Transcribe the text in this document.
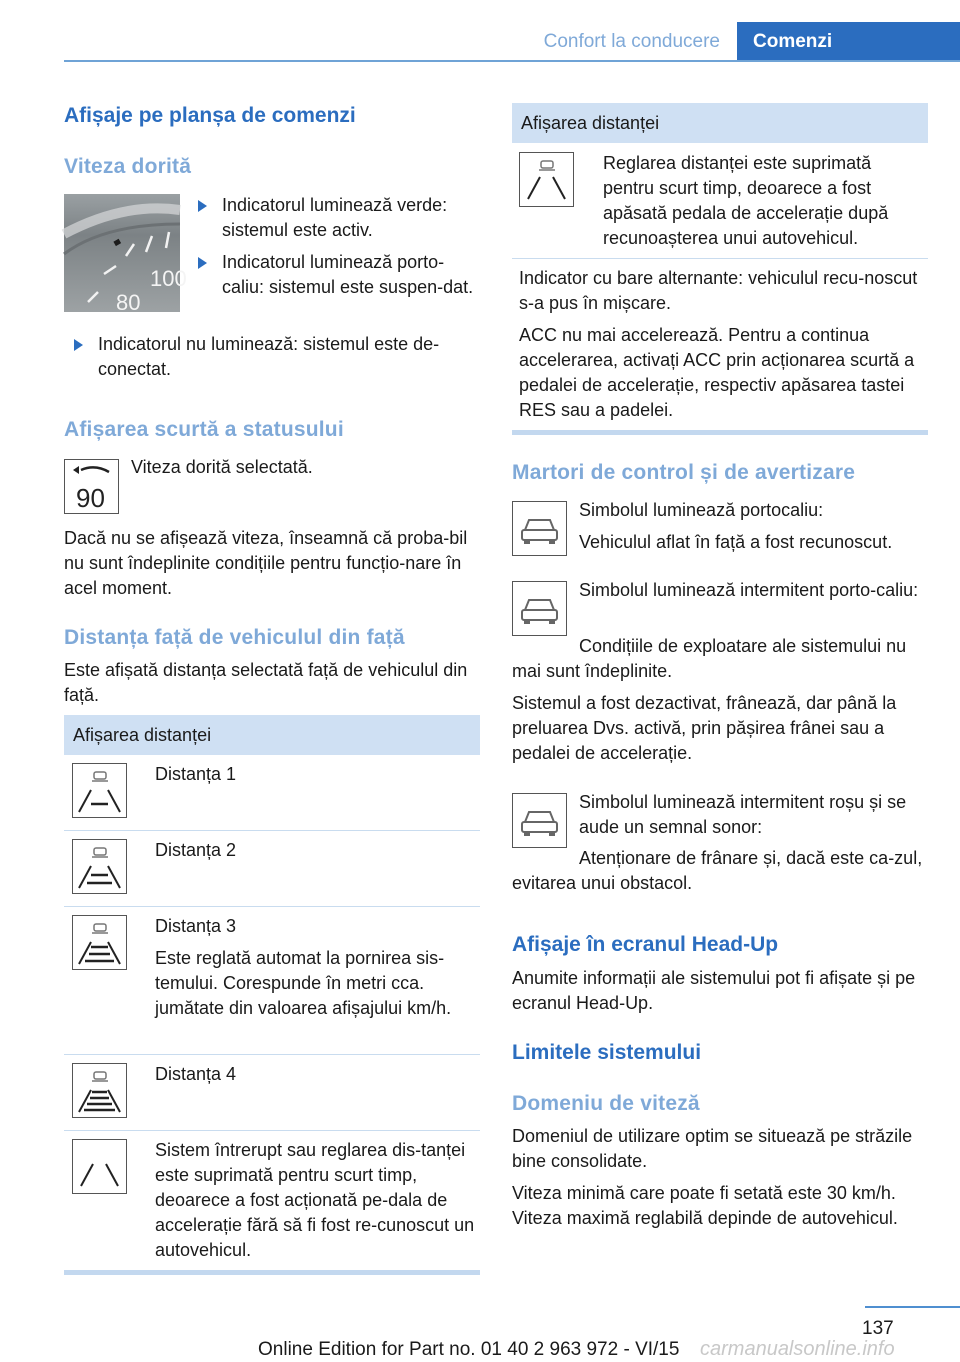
Confort la conducere	Comenzi
Afișaje pe planșa de comenzi
Viteza dorită
100
80
Indicatorul luminează verde: sistemul este activ.
Indicatorul luminează porto-caliu: sistemul este suspen-dat.
Indicatorul nu luminează: sistemul este de-conectat.
Afișarea scurtă a statusului
90
Viteza dorită selectată.
Dacă nu se afișează viteza, înseamnă că proba-bil nu sunt îndeplinite condițiile pentru funcțio-nare în acel moment.
Distanța față de vehiculul din față
Este afișată distanța selectată față de vehiculul din față.
Afișarea distanței
Distanța 1
Distanța 2
Distanța 3
Este reglată automat la pornirea sis-temului. Corespunde în metri cca. jumătate din valoarea afișajului km/h.
Distanța 4
Sistem întrerupt sau reglarea dis-tanței este suprimată pentru scurt timp, deoarece a fost acționată pe-dala de accelerație fără să fi fost re-cunoscut un autovehicul.
Afișarea distanței
Reglarea distanței este suprimată pentru scurt timp, deoarece a fost apăsată pedala de accelerație după recunoașterea unui autovehicul.
Indicator cu bare alternante: vehiculul recu-noscut s-a pus în mișcare.
ACC nu mai accelerează. Pentru a continua accelerarea, activați ACC prin acționarea scurtă a pedalei de accelerație, respectiv apăsarea tastei RES sau a padelei.
Martori de control și de avertizare
Simbolul luminează portocaliu:
Vehiculul aflat în față a fost recunoscut.
Simbolul luminează intermitent porto-caliu:
Condițiile de exploatare ale sistemului nu mai sunt îndeplinite.
Sistemul a fost dezactivat, frânează, dar până la preluarea Dvs. activă, prin pășirea frânei sau a pedalei de accelerație.
Simbolul luminează intermitent roșu și se aude un semnal sonor:
Atenționare de frânare și, dacă este ca-zul, evitarea unui obstacol.
Afișaje în ecranul Head-Up
Anumite informații ale sistemului pot fi afișate și pe ecranul Head-Up.
Limitele sistemului
Domeniu de viteză
Domeniul de utilizare optim se situează pe străzile bine consolidate.
Viteza minimă care poate fi setată este 30 km/h. Viteza maximă reglabilă depinde de autovehicul.
137
Online Edition for Part no. 01 40 2 963 972 - VI/15 carmanualsonline.info
